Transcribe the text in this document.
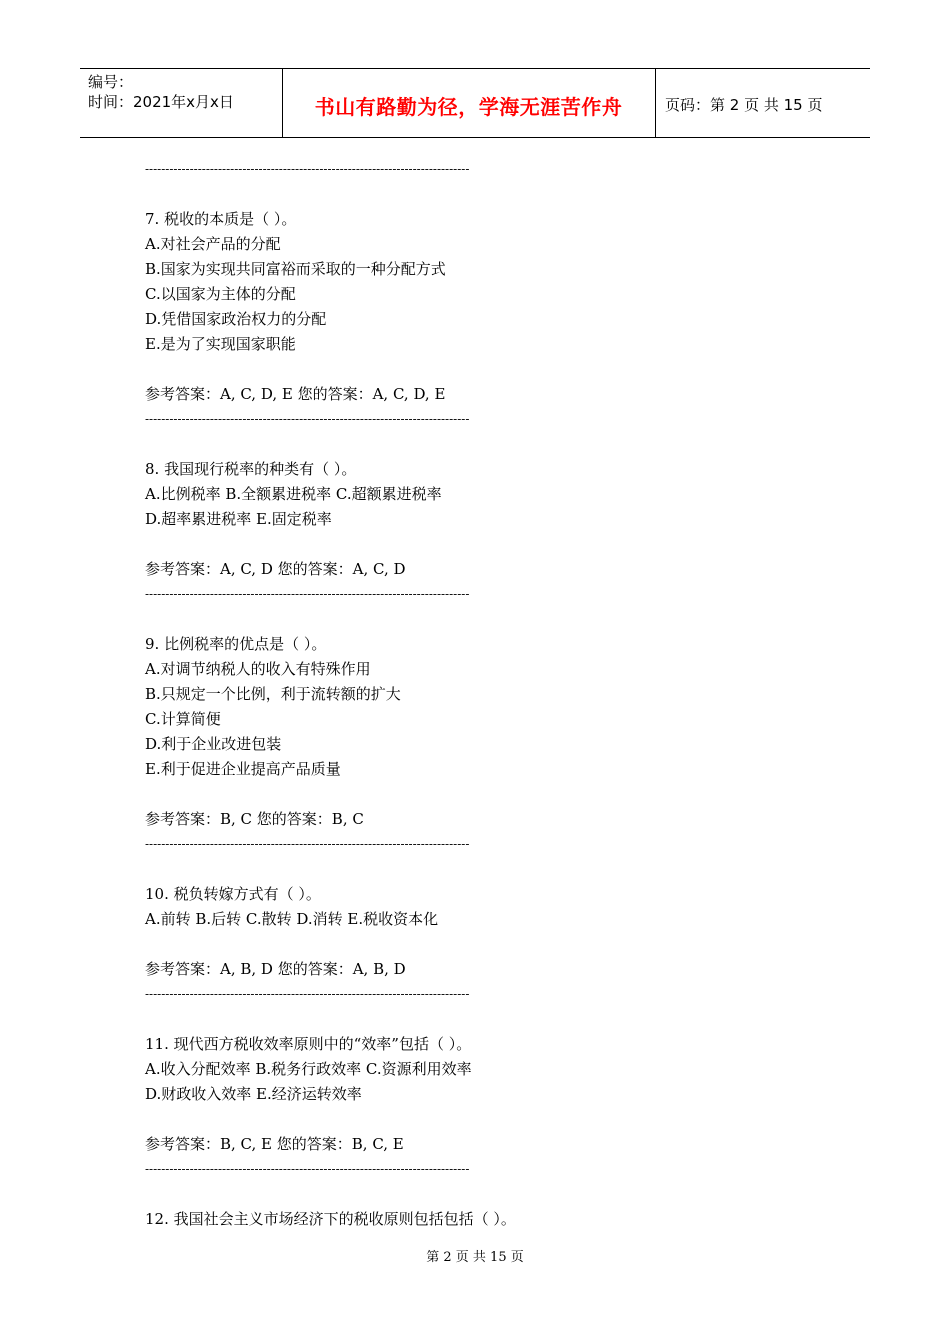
编号：
时间：2021年x月x日	书山有路勤为径，学海无涯苦作舟	页码：第 2 页 共 15 页
--------------------------------------------------------------------------------
7. 税收的本质是（ ）。
A.对社会产品的分配
B.国家为实现共同富裕而采取的一种分配方式
C.以国家为主体的分配
D.凭借国家政治权力的分配
E.是为了实现国家职能
参考答案：A, C, D, E 您的答案：A, C, D, E
--------------------------------------------------------------------------------
8. 我国现行税率的种类有（ ）。
A.比例税率 B.全额累进税率 C.超额累进税率
D.超率累进税率 E.固定税率
参考答案：A, C, D 您的答案：A, C, D
--------------------------------------------------------------------------------
9. 比例税率的优点是（ ）。
A.对调节纳税人的收入有特殊作用
B.只规定一个比例，利于流转额的扩大
C.计算简便
D.利于企业改进包装
E.利于促进企业提高产品质量
参考答案：B, C 您的答案：B, C
--------------------------------------------------------------------------------
10. 税负转嫁方式有（ ）。
A.前转 B.后转 C.散转 D.消转 E.税收资本化
参考答案：A, B, D 您的答案：A, B, D
--------------------------------------------------------------------------------
11. 现代西方税收效率原则中的“效率”包括（ ）。
A.收入分配效率 B.税务行政效率 C.资源利用效率
D.财政收入效率 E.经济运转效率
参考答案：B, C, E 您的答案：B, C, E
--------------------------------------------------------------------------------
12. 我国社会主义市场经济下的税收原则包括包括（ ）。
第 2 页 共 15 页
